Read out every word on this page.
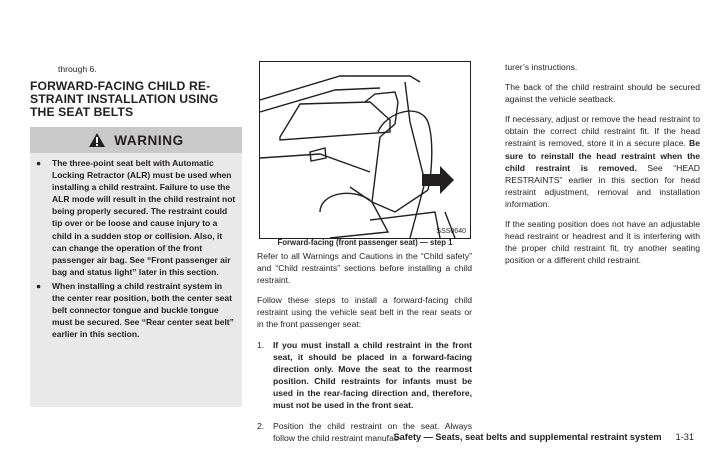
through 6.
FORWARD-FACING CHILD RE-STRAINT INSTALLATION USING THE SEAT BELTS
WARNING
●	The three-point seat belt with Automatic Locking Retractor (ALR) must be used when installing a child restraint. Failure to use the ALR mode will result in the child restraint not being properly secured. The restraint could tip over or be loose and cause injury to a child in a sudden stop or collision. Also, it can change the operation of the front passenger air bag. See “Front passenger air bag and status light” later in this section.
●	When installing a child restraint system in the center rear position, both the center seat belt connector tongue and buckle tongue must be secured. See “Rear center seat belt” earlier in this section.
SSS0640
Forward-facing (front passenger seat) — step 1

Refer to all Warnings and Cautions in the “Child safety” and “Child restraints” sections before installing a child restraint.

Follow these steps to install a forward-facing child restraint using the vehicle seat belt in the rear seats or in the front passenger seat:

1.	If you must install a child restraint in the front seat, it should be placed in a forward-facing direction only. Move the seat to the rearmost position. Child restraints for infants must be used in the rear-facing direction and, therefore, must not be used in the front seat.
2.	Position the child restraint on the seat. Always follow the child restraint manufac-

turer’s instructions.

The back of the child restraint should be secured against the vehicle seatback.

If necessary, adjust or remove the head restraint to obtain the correct child restraint fit. If the head restraint is removed, store it in a secure place. Be sure to reinstall the head restraint when the child restraint is removed. See “HEAD RESTRAINTS” earlier in this section for head restraint adjustment, removal and installation information.

If the seating position does not have an adjustable head restraint or headrest and it is interfering with the proper child restraint fit, try another seating position or a different child restraint.

Safety — Seats, seat belts and supplemental restraint system 1-31
